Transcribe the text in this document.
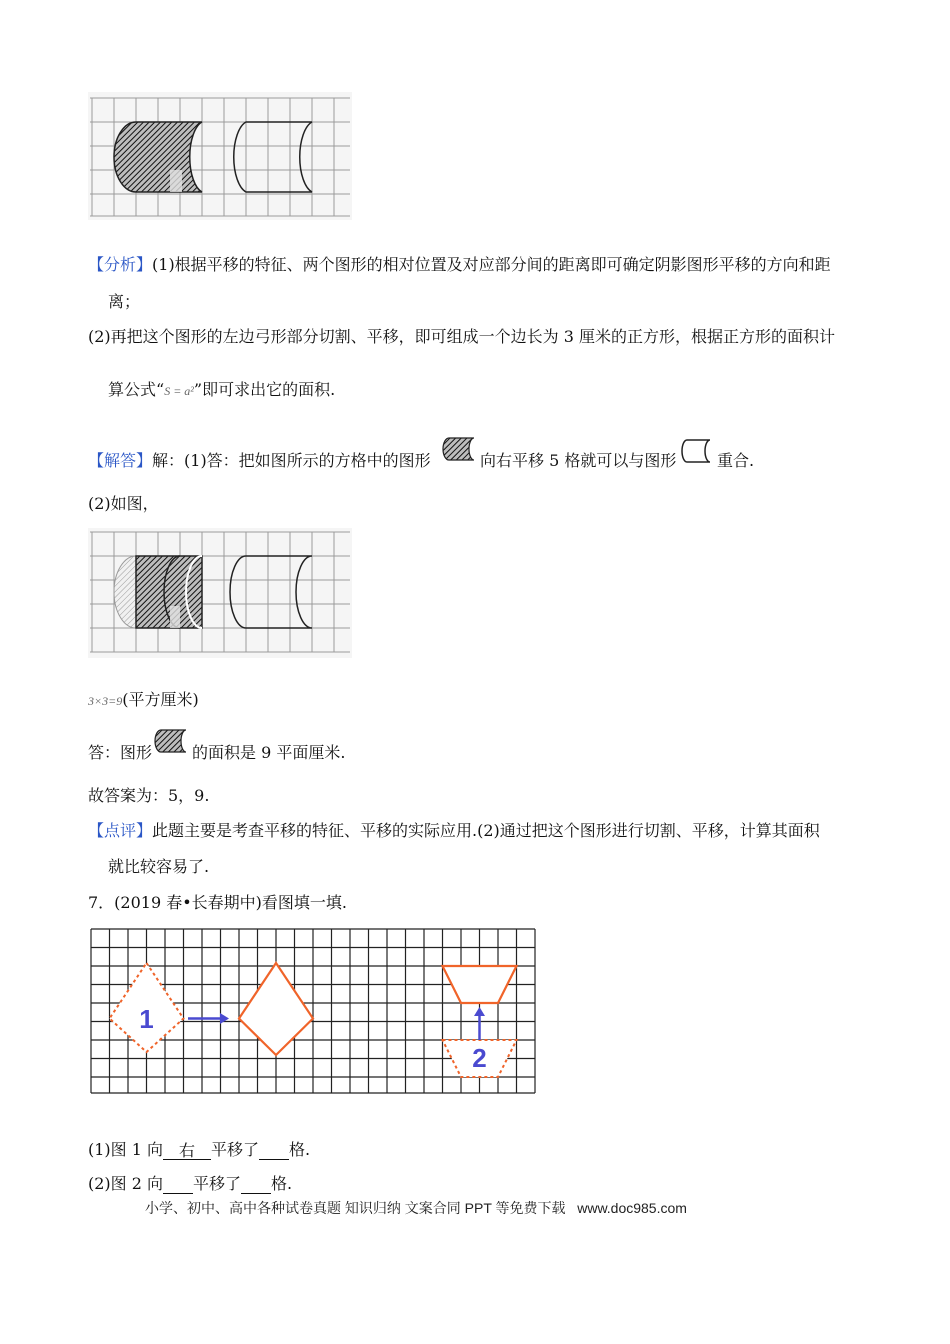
【分析】(1)根据平移的特征、两个图形的相对位置及对应部分间的距离即可确定阴影图形平移的方向和距
离；
(2)再把这个图形的左边弓形部分切割、平移，即可组成一个边长为 3 厘米的正方形，根据正方形的面积计
算公式“S = a²”即可求出它的面积.
【解答】解：(1)答：把如图所示的方格中的图形	向右平移 5 格就可以与图形	重合.
(2)如图，
3×3=9(平方厘米)
答：图形 的面积是 9 平面厘米.
故答案为：5，9.
【点评】此题主要是考查平移的特征、平移的实际应用.(2)通过把这个图形进行切割、平移，计算其面积
就比较容易了.
7．(2019 春•长春期中)看图填一填.
1
2
(1)图 1 向 右 平移了 格.
(2)图 2 向 平移了 格.
小学、初中、高中各种试卷真题 知识归纳 文案合同 PPT 等免费下载 www.doc985.com
